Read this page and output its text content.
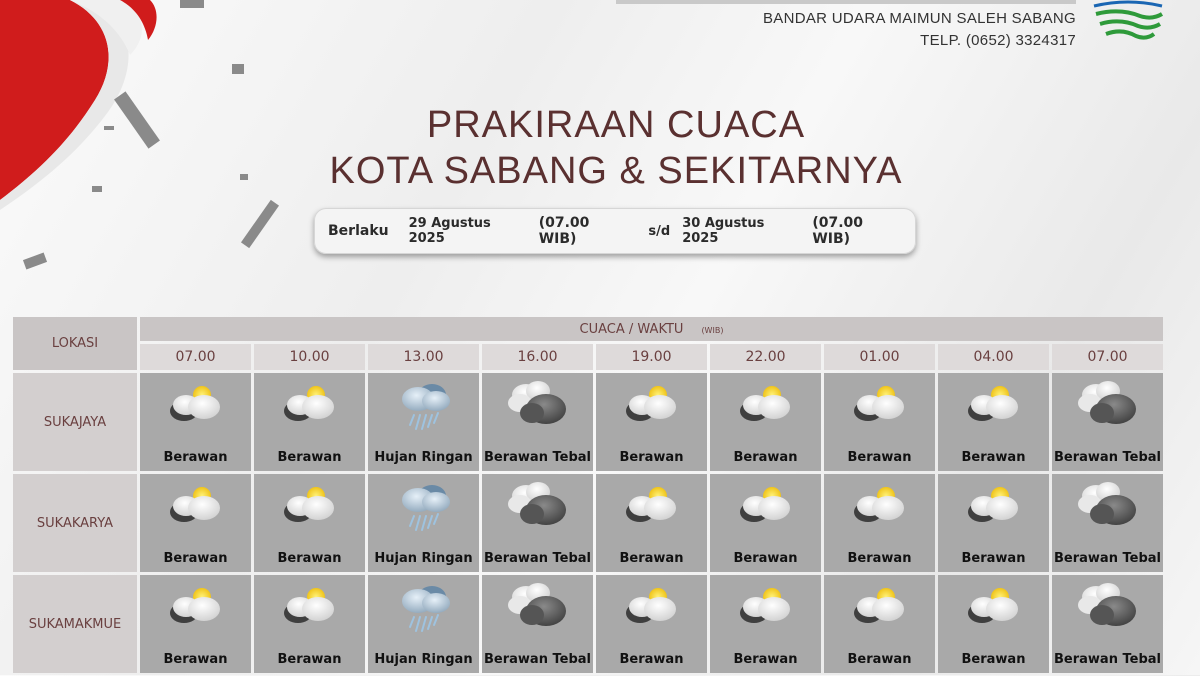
BANDAR UDARA MAIMUN SALEH SABANG
TELP. (0652) 3324317
PRAKIRAAN CUACA
KOTA SABANG & SEKITARNYA
Berlaku 29 Agustus 2025
(07.00 WIB)	s/d 30 Agustus 2025
(07.00 WIB)
LOKASI	CUACA / WAKTU (WIB)								
	07.00	10.00	13.00	16.00	19.00	22.00	01.00	04.00	07.00
SUKAJAYA	Berawan	Berawan	Hujan Ringan	Berawan Tebal	Berawan	Berawan	Berawan	Berawan	Berawan Tebal

SUKAKARYA	Berawan	Berawan	Hujan Ringan	Berawan Tebal	Berawan	Berawan	Berawan	Berawan	Berawan Tebal

SUKAMAKMUE	Berawan	Berawan	Hujan Ringan	Berawan Tebal	Berawan	Berawan	Berawan	Berawan	Berawan Tebal
